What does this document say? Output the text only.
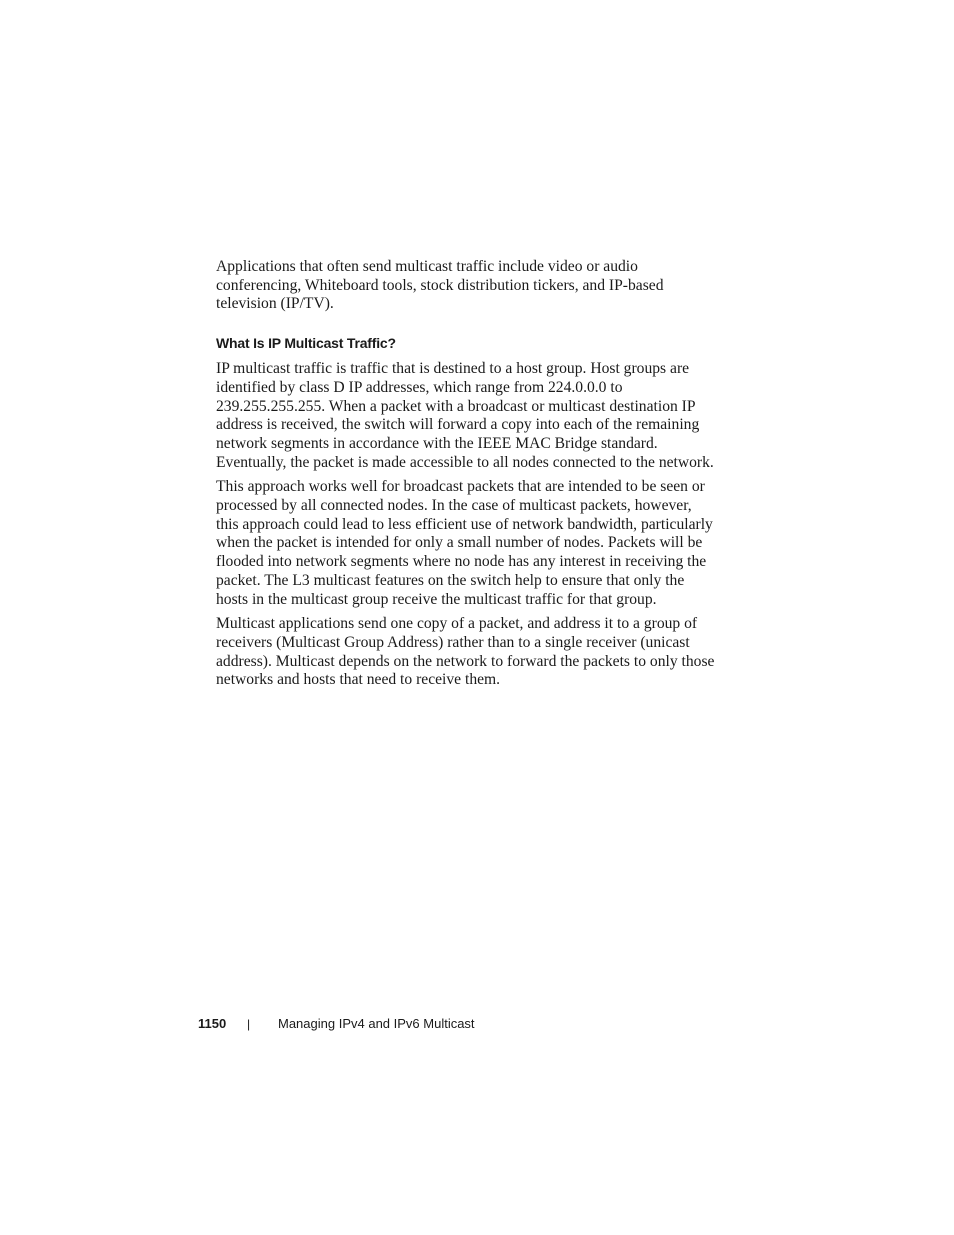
Applications that often send multicast traffic include video or audio conferencing, Whiteboard tools, stock distribution tickers, and IP-based television (IP/TV).

What Is IP Multicast Traffic?

IP multicast traffic is traffic that is destined to a host group. Host groups are identified by class D IP addresses, which range from 224.0.0.0 to 239.255.255.255. When a packet with a broadcast or multicast destination IP address is received, the switch will forward a copy into each of the remaining network segments in accordance with the IEEE MAC Bridge standard. Eventually, the packet is made accessible to all nodes connected to the network.

This approach works well for broadcast packets that are intended to be seen or processed by all connected nodes. In the case of multicast packets, however, this approach could lead to less efficient use of network bandwidth, particularly when the packet is intended for only a small number of nodes. Packets will be flooded into network segments where no node has any interest in receiving the packet. The L3 multicast features on the switch help to ensure that only the hosts in the multicast group receive the multicast traffic for that group.

Multicast applications send one copy of a packet, and address it to a group of receivers (Multicast Group Address) rather than to a single receiver (unicast address). Multicast depends on the network to forward the packets to only those networks and hosts that need to receive them.

1150 | Managing IPv4 and IPv6 Multicast
